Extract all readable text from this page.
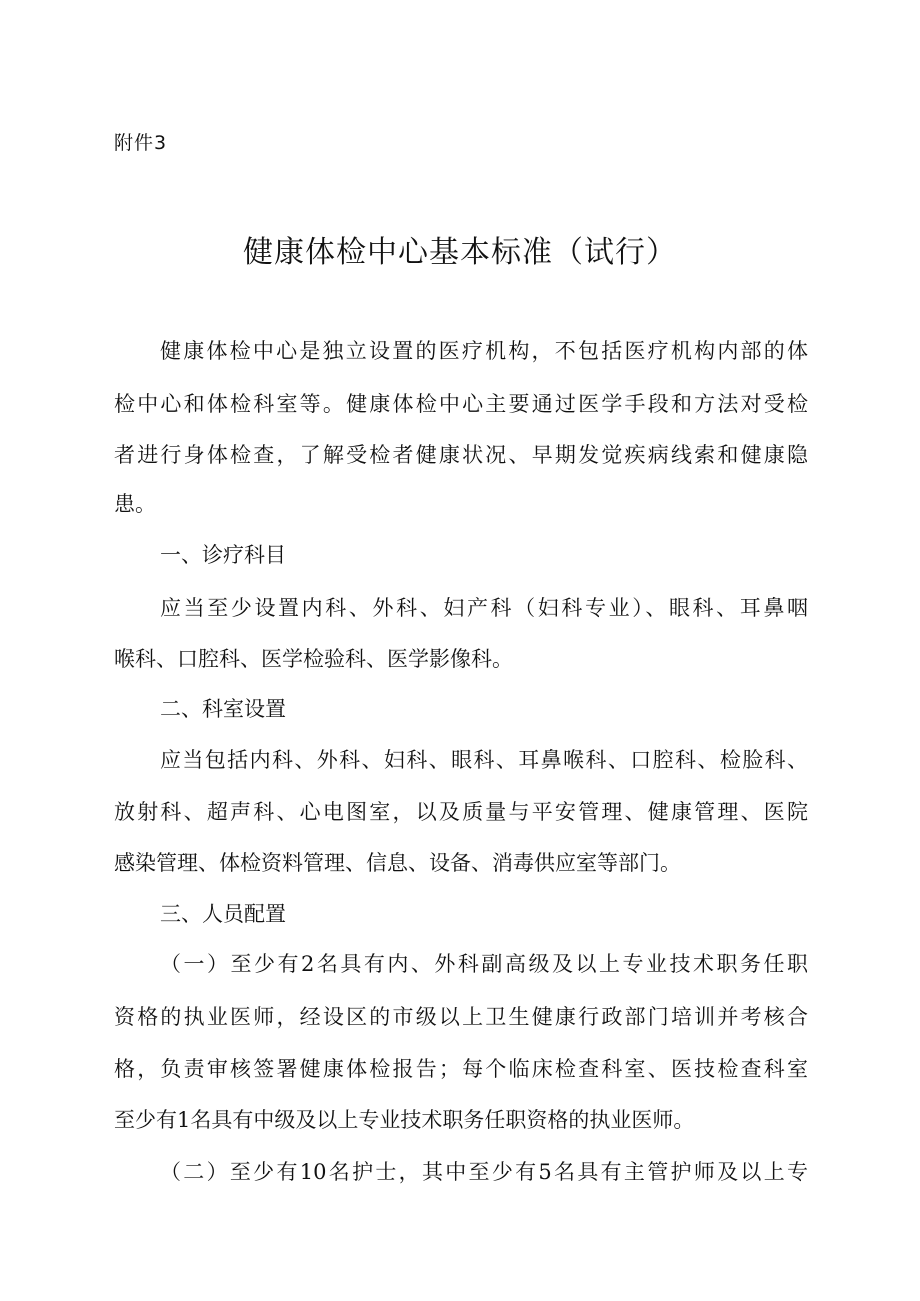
附件3
健康体检中心基本标准（试行）
健康体检中心是独立设置的医疗机构，不包括医疗机构内部的体
检中心和体检科室等。健康体检中心主要通过医学手段和方法对受检
者进行身体检查，了解受检者健康状况、早期发觉疾病线索和健康隐
患。
一、诊疗科目
应当至少设置内科、外科、妇产科（妇科专业）、眼科、耳鼻咽
喉科、口腔科、医学检验科、医学影像科。
二、科室设置
应当包括内科、外科、妇科、眼科、耳鼻喉科、口腔科、检脸科、
放射科、超声科、心电图室，以及质量与平安管理、健康管理、医院
感染管理、体检资料管理、信息、设备、消毒供应室等部门。
三、人员配置
（一）至少有2名具有内、外科副高级及以上专业技术职务任职
资格的执业医师，经设区的市级以上卫生健康行政部门培训并考核合
格，负责审核签署健康体检报告；每个临床检查科室、医技检查科室
至少有1名具有中级及以上专业技术职务任职资格的执业医师。
（二）至少有10名护士，其中至少有5名具有主管护师及以上专
